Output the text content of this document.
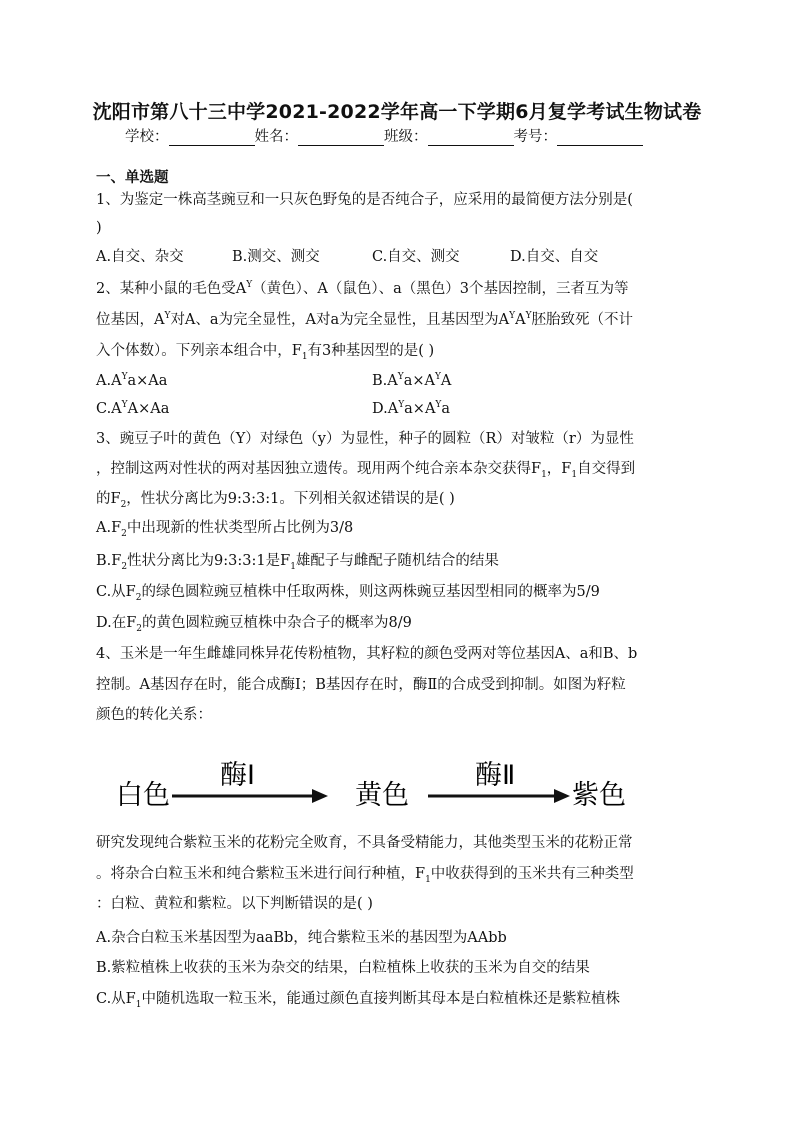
沈阳市第八十三中学2021-2022学年高一下学期6月复学考试生物试卷
学校：	姓名：	班级：	考号：
一、单选题
1、为鉴定一株高茎豌豆和一只灰色野兔的是否纯合子，应采用的最简便方法分别是(
)
A.自交、杂交	B.测交、测交	C.自交、测交	D.自交、自交
2、某种小鼠的毛色受$A^Y$（黄色）、A（鼠色）、a（黑色）3个基因控制，三者互为等
位基因，$A^Y$对A、a为完全显性，A对a为完全显性，且基因型为$A^YA^Y$胚胎致死（不计
入个体数）。下列亲本组合中，$F_1$有3种基因型的是( )
$A.A^Ya\times Aa$	$B.A^Ya\times A^YA$
$C.A^YA\times Aa$	$D.A^Ya\times A^Ya$
3、豌豆子叶的黄色（Y）对绿色（y）为显性，种子的圆粒（R）对皱粒（r）为显性
，控制这两对性状的两对基因独立遗传。现用两个纯合亲本杂交获得$F_1$，$F_1$自交得到
的$F_2$，性状分离比为9:3:3:1。下列相关叙述错误的是( )
$A.F_2$中出现新的性状类型所占比例为3/8
$B.F_2$性状分离比为9:3:3:1是$F_1$雄配子与雌配子随机结合的结果
C.从$F_2$的绿色圆粒豌豆植株中任取两株，则这两株豌豆基因型相同的概率为5/9
D.在$F_2$的黄色圆粒豌豆植株中杂合子的概率为8/9
4、玉米是一年生雌雄同株异花传粉植物，其籽粒的颜色受两对等位基因A、a和B、b
控制。A基因存在时，能合成酶Ⅰ；B基因存在时，酶Ⅱ的合成受到抑制。如图为籽粒
颜色的转化关系：
白色
酶Ⅰ
黄色
酶Ⅱ
紫色
研究发现纯合紫粒玉米的花粉完全败育，不具备受精能力，其他类型玉米的花粉正常
。将杂合白粒玉米和纯合紫粒玉米进行间行种植，$F_1$中收获得到的玉米共有三种类型
：白粒、黄粒和紫粒。以下判断错误的是( )
A.杂合白粒玉米基因型为aaBb，纯合紫粒玉米的基因型为AAbb
B.紫粒植株上收获的玉米为杂交的结果，白粒植株上收获的玉米为自交的结果
C.从$F_1$中随机选取一粒玉米，能通过颜色直接判断其母本是白粒植株还是紫粒植株
